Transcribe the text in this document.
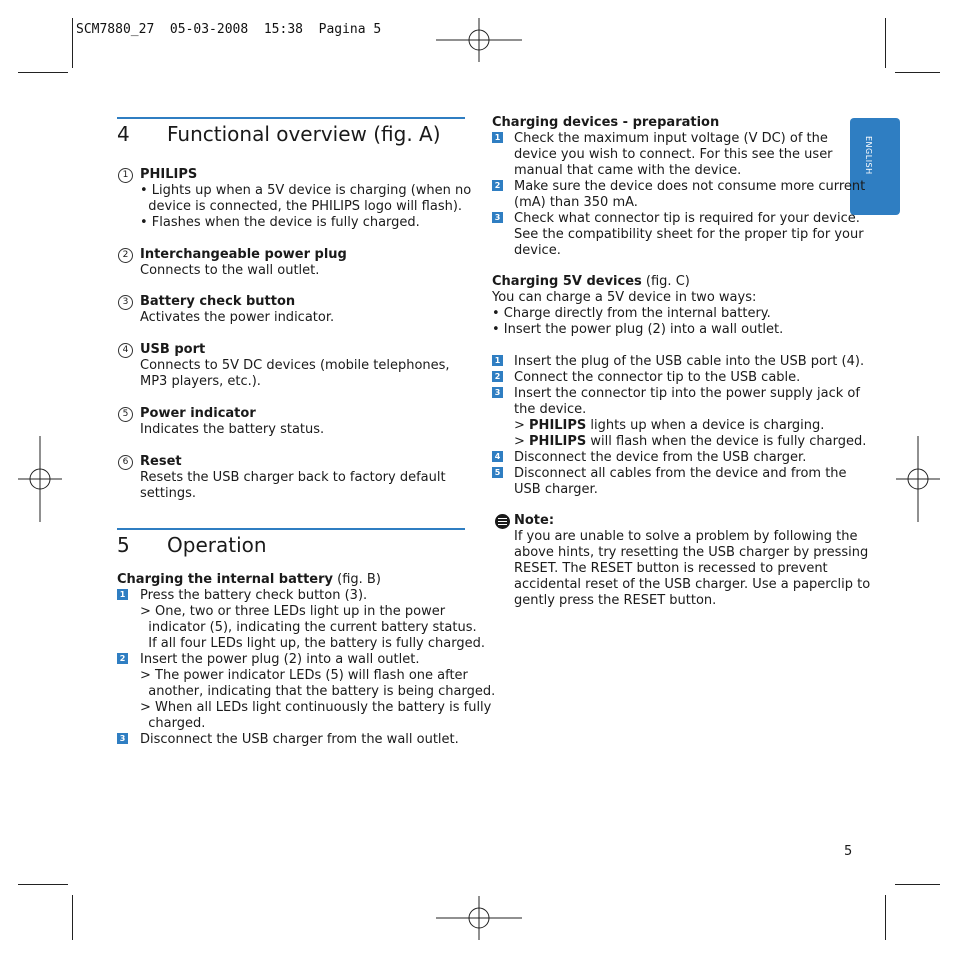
SCM7880_27  05-03-2008  15:38  Pagina 5
ENGLISH
4 Functional overview (fig. A)
1 PHILIPS
• Lights up when a 5V device is charging (when no
device is connected, the PHILIPS logo will flash).
• Flashes when the device is fully charged.
2 Interchangeable power plug
Connects to the wall outlet.
3 Battery check button
Activates the power indicator.
4 USB port
Connects to 5V DC devices (mobile telephones,
MP3 players, etc.).
5 Power indicator
Indicates the battery status.
6 Reset
Resets the USB charger back to factory default
settings.
5 Operation
Charging the internal battery (fig. B)
1 Press the battery check button (3).
> One, two or three LEDs light up in the power
indicator (5), indicating the current battery status.
If all four LEDs light up, the battery is fully charged.
2 Insert the power plug (2) into a wall outlet.
> The power indicator LEDs (5) will flash one after
another, indicating that the battery is being charged.
> When all LEDs light continuously the battery is fully
charged.
3 Disconnect the USB charger from the wall outlet.
Charging devices - preparation
1 Check the maximum input voltage (V DC) of the
device you wish to connect. For this see the user
manual that came with the device.
2 Make sure the device does not consume more current
(mA) than 350 mA.
3 Check what connector tip is required for your device.
See the compatibility sheet for the proper tip for your
device.
Charging 5V devices (fig. C)
You can charge a 5V device in two ways:
• Charge directly from the internal battery.
• Insert the power plug (2) into a wall outlet.
1 Insert the plug of the USB cable into the USB port (4).
2 Connect the connector tip to the USB cable.
3 Insert the connector tip into the power supply jack of
the device.
> PHILIPS lights up when a device is charging.
> PHILIPS will flash when the device is fully charged.
4 Disconnect the device from the USB charger.
5 Disconnect all cables from the device and from the
USB charger.
Note:
If you are unable to solve a problem by following the
above hints, try resetting the USB charger by pressing
RESET. The RESET button is recessed to prevent
accidental reset of the USB charger. Use a paperclip to
gently press the RESET button.
5
